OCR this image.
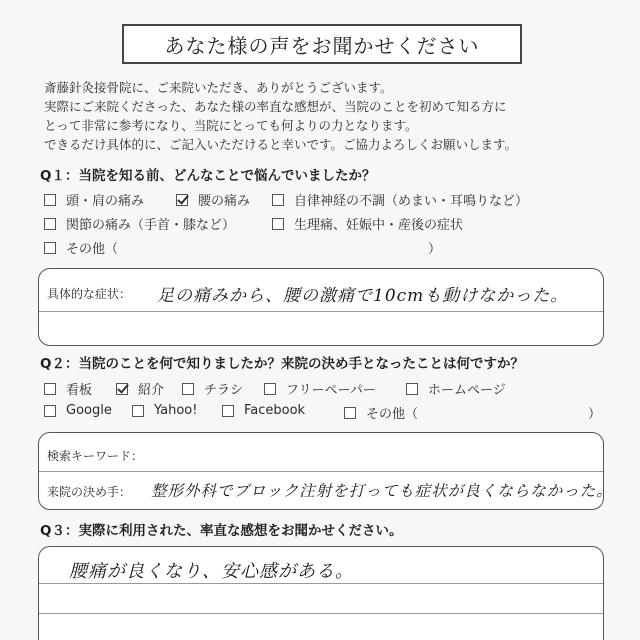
あなた様の声をお聞かせください
斎藤針灸接骨院に、ご来院いただき、ありがとうございます。
実際にご来院くださった、あなた様の率直な感想が、当院のことを初めて知る方に
とって非常に参考になり、当院にとっても何よりの力となります。
できるだけ具体的に、ご記入いただけると幸いです。ご協力よろしくお願いします。
Q１：当院を知る前、どんなことで悩んでいましたか？
頭・肩の痛み	腰の痛み	自律神経の不調（めまい・耳鳴りなど）
関節の痛み（手首・膝など）	生理痛、妊娠中・産後の症状
その他（	）
具体的な症状： 足の痛みから、腰の激痛で10cmも動けなかった。
Q２：当院のことを何で知りましたか？来院の決め手となったことは何ですか？
看板	紹介	チラシ	フリーペーパー	ホームページ
Google	Yahoo!	Facebook	その他（	）
検索キーワード：
来院の決め手： 整形外科でブロック注射を打っても症状が良くならなかった。
Q３：実際に利用された、率直な感想をお聞かせください。
腰痛が良くなり、安心感がある。
